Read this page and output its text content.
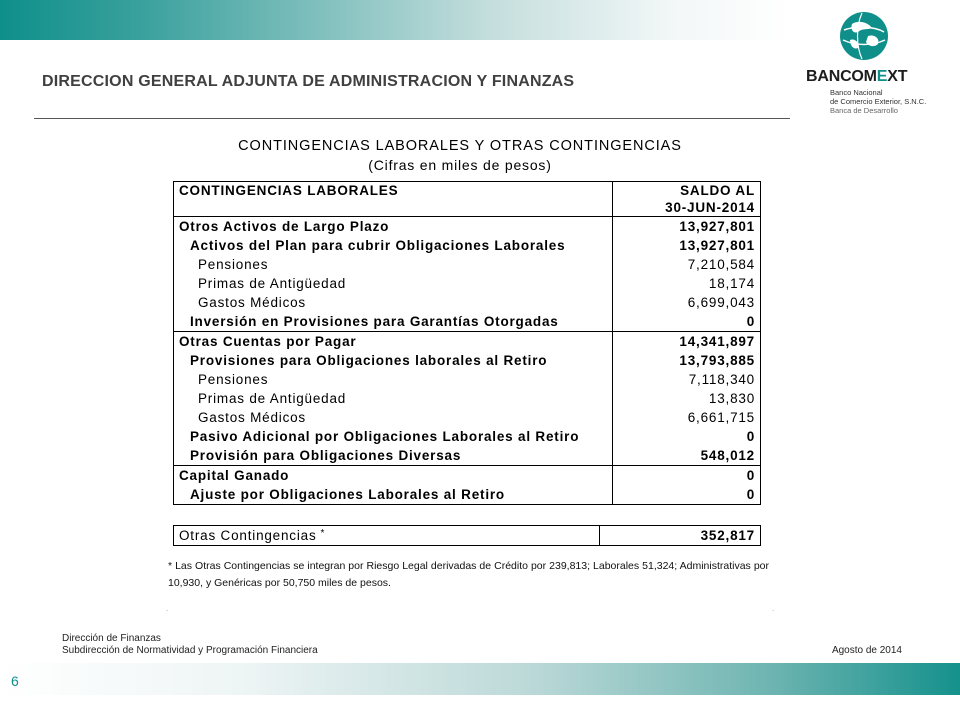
DIRECCION GENERAL ADJUNTA DE ADMINISTRACION Y FINANZAS	BANCOMEXT
Banco Nacional
de Comercio Exterior, S.N.C.
Banca de Desarrollo
CONTINGENCIAS LABORALES Y OTRAS CONTINGENCIAS
(Cifras en miles de pesos)
CONTINGENCIAS LABORALES	SALDO AL
	30-JUN-2014
Otros Activos de Largo Plazo	13,927,801
Activos del Plan para cubrir Obligaciones Laborales	13,927,801
Pensiones	7,210,584
Primas de Antigüedad	18,174
Gastos Médicos	6,699,043
Inversión en Provisiones para Garantías Otorgadas	0
Otras Cuentas por Pagar	14,341,897
Provisiones para Obligaciones laborales al Retiro	13,793,885
Pensiones	7,118,340
Primas de Antigüedad	13,830
Gastos Médicos	6,661,715
Pasivo Adicional por Obligaciones Laborales al Retiro	0
Provisión para Obligaciones Diversas	548,012
Capital Ganado	0
Ajuste por Obligaciones Laborales al Retiro	0
Otras Contingencias *	352,817
* Las Otras Contingencias se integran por Riesgo Legal derivadas de Crédito por 239,813; Laborales 51,324; Administrativas por 10,930, y Genéricas por 50,750 miles de pesos.
.	.
Dirección de Finanzas
Subdirección de Normatividad y Programación Financiera	Agosto de 2014
6
